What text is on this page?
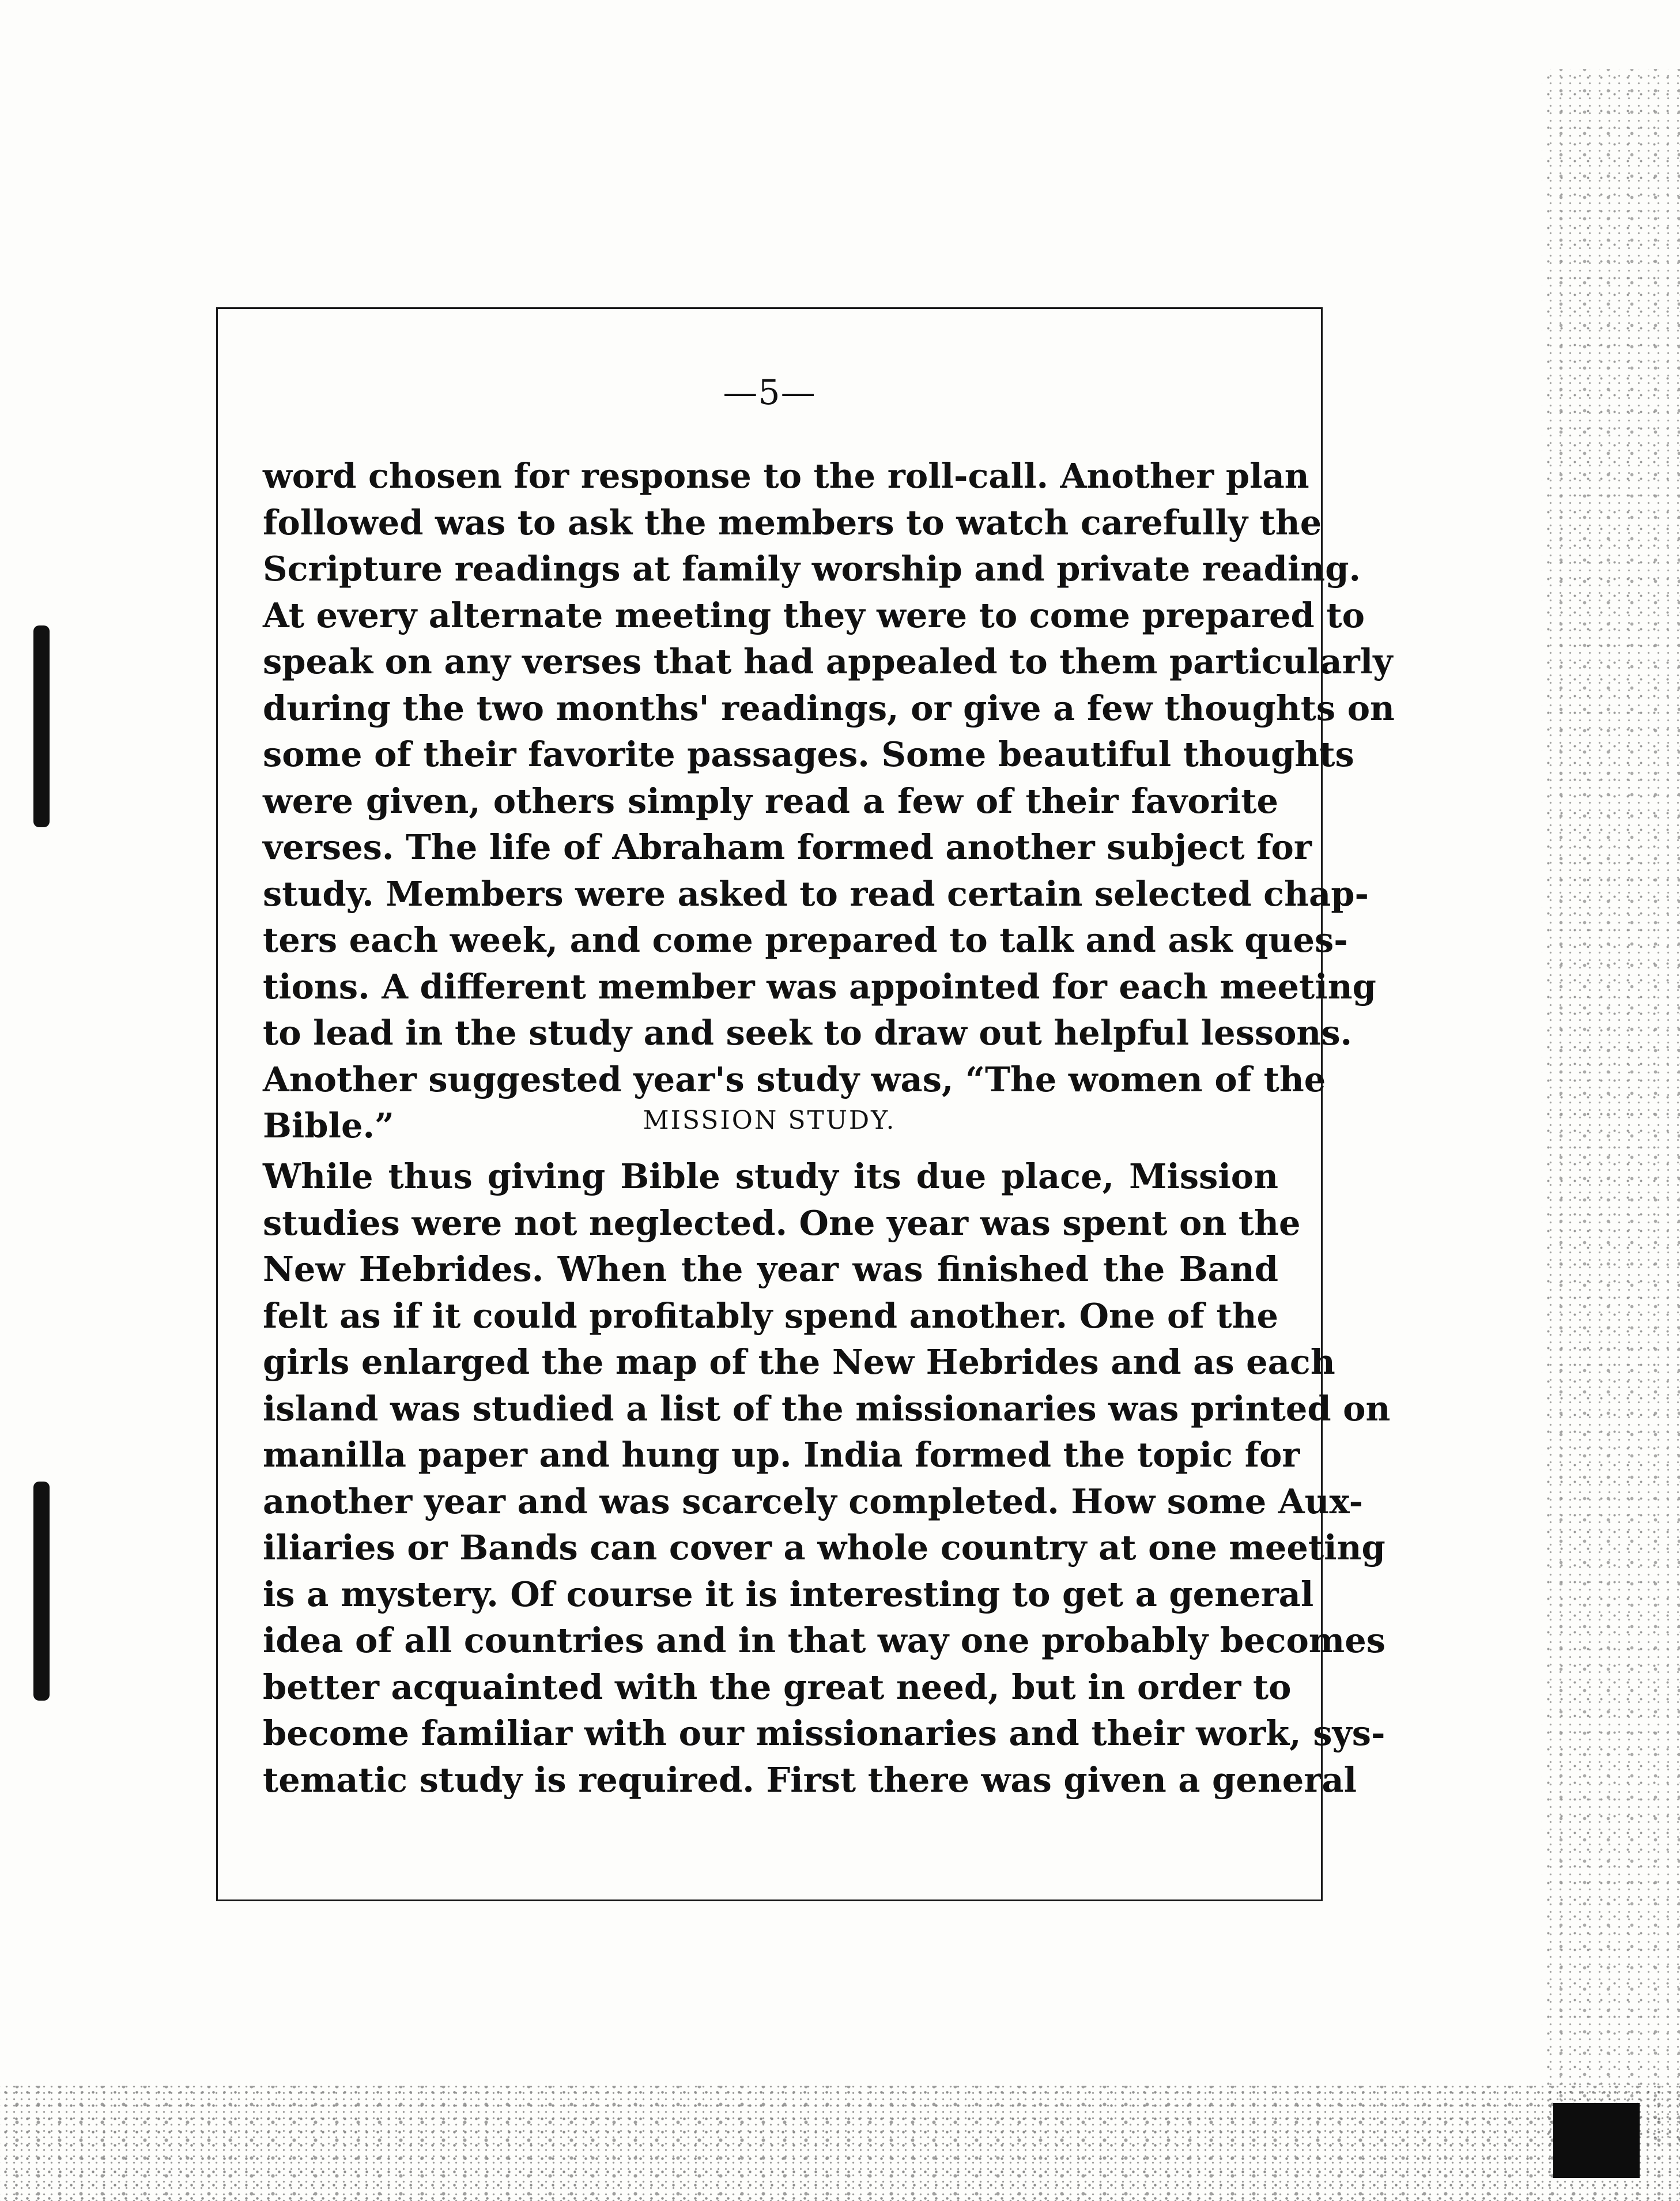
—5—
word chosen for response to the roll-call. Another plan
followed was to ask the members to watch carefully the
Scripture readings at family worship and private reading.
At every alternate meeting they were to come prepared to
speak on any verses that had appealed to them particularly
during the two months' readings, or give a few thoughts on
some of their favorite passages. Some beautiful thoughts
were given, others simply read a few of their favorite
verses. The life of Abraham formed another subject for
study. Members were asked to read certain selected chap-
ters each week, and come prepared to talk and ask ques-
tions. A different member was appointed for each meeting
to lead in the study and seek to draw out helpful lessons.
Another suggested year's study was, “The women of the
Bible.”	MISSION STUDY.
While thus giving Bible study its due place, Mission
studies were not neglected. One year was spent on the
New Hebrides. When the year was finished the Band
felt as if it could profitably spend another. One of the
girls enlarged the map of the New Hebrides and as each
island was studied a list of the missionaries was printed on
manilla paper and hung up. India formed the topic for
another year and was scarcely completed. How some Aux-
iliaries or Bands can cover a whole country at one meeting
is a mystery. Of course it is interesting to get a general
idea of all countries and in that way one probably becomes
better acquainted with the great need, but in order to
become familiar with our missionaries and their work, sys-
tematic study is required. First there was given a general
